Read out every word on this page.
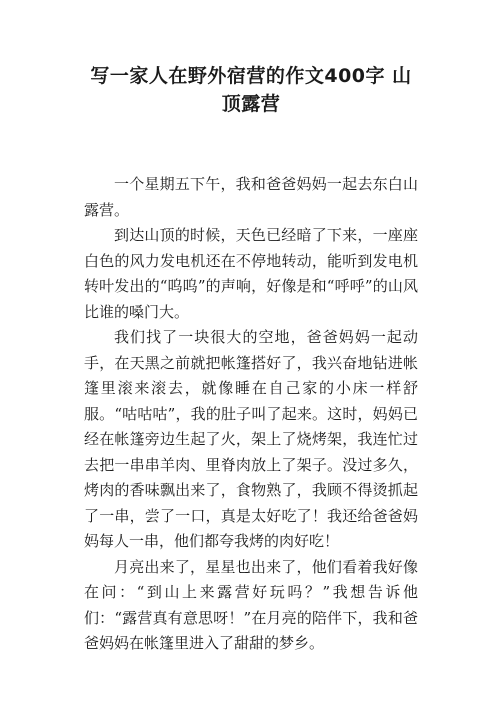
写一家人在野外宿营的作文400字 山顶露营

一个星期五下午，我和爸爸妈妈一起去东白山露营。

到达山顶的时候，天色已经暗了下来，一座座白色的风力发电机还在不停地转动，能听到发电机转叶发出的“呜呜”的声响，好像是和“呼呼”的山风比谁的嗓门大。

我们找了一块很大的空地，爸爸妈妈一起动手，在天黑之前就把帐篷搭好了，我兴奋地钻进帐篷里滚来滚去，就像睡在自己家的小床一样舒服。“咕咕咕”，我的肚子叫了起来。这时，妈妈已经在帐篷旁边生起了火，架上了烧烤架，我连忙过去把一串串羊肉、里脊肉放上了架子。没过多久，烤肉的香味飘出来了，食物熟了，我顾不得烫抓起了一串，尝了一口，真是太好吃了！我还给爸爸妈妈每人一串，他们都夸我烤的肉好吃！

月亮出来了，星星也出来了，他们看着我好像在问：“到山上来露营好玩吗？”我想告诉他们：“露营真有意思呀！”在月亮的陪伴下，我和爸爸妈妈在帐篷里进入了甜甜的梦乡。
